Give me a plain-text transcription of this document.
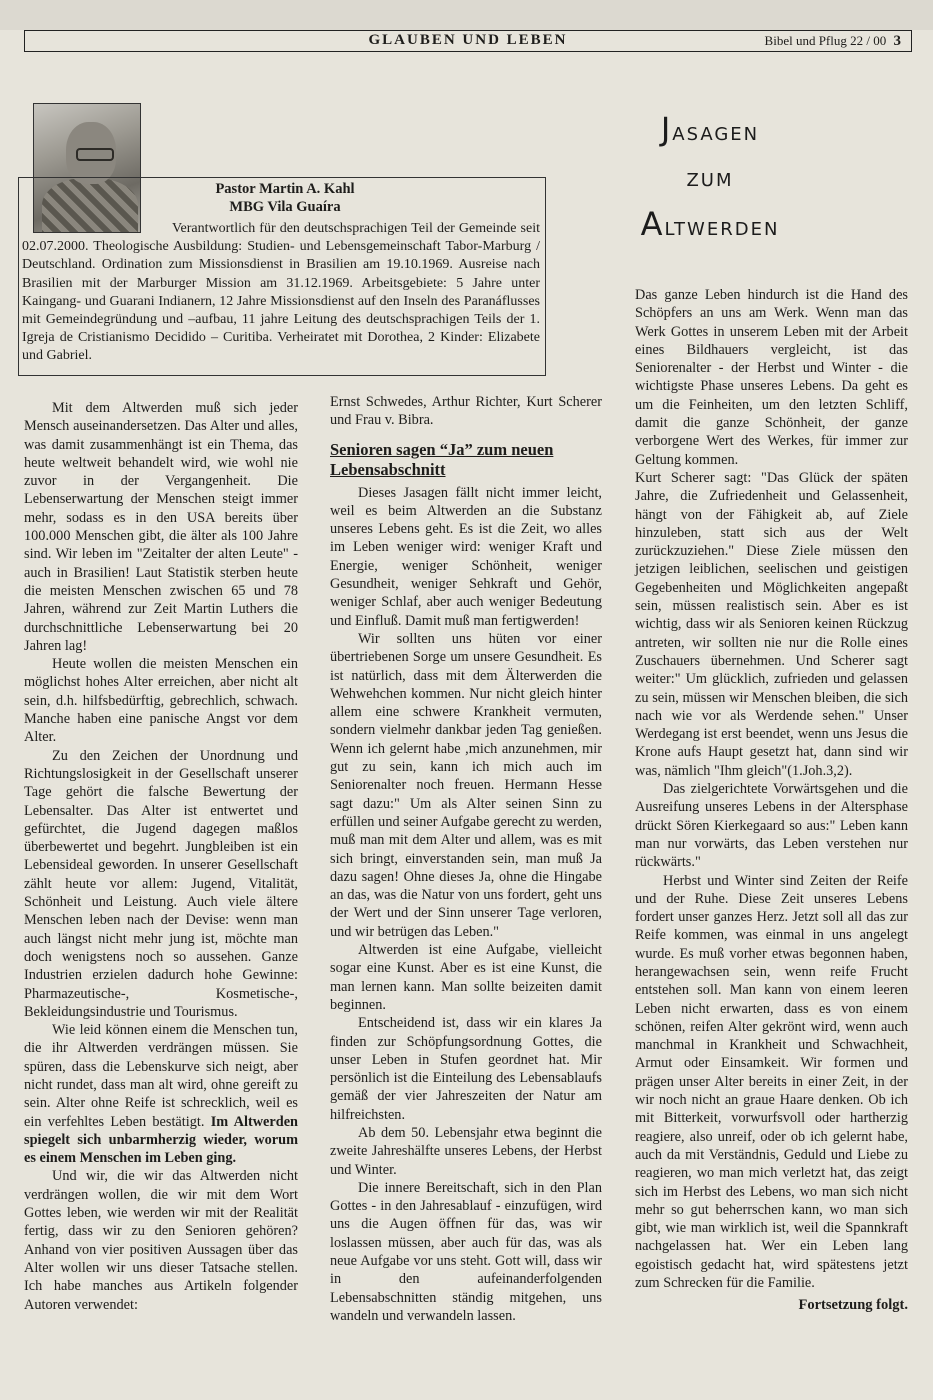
GLAUBEN UND LEBEN	Bibel und Pflug 22 / 00 3
Pastor Martin A. Kahl
MBG Vila Guaíra
Verantwortlich für den deutschsprachigen Teil der Gemeinde seit 02.07.2000. Theologische Ausbildung: Studien- und Lebensgemeinschaft Tabor-Marburg / Deutschland. Ordination zum Missionsdienst in Brasilien am 19.10.1969. Ausreise nach Brasilien mit der Marburger Mission am 31.12.1969. Arbeitsgebiete: 5 Jahre unter Kaingang- und Guarani Indianern, 12 Jahre Missionsdienst auf den Inseln des Paranáflusses mit Gemeindegründung und –aufbau, 11 jahre Leitung des deutschsprachigen Teils der 1. Igreja de Cristianismo Decidido – Curitiba. Verheiratet mit Dorothea, 2 Kinder: Elizabete und Gabriel.
Jasagen
zum
Altwerden

Mit dem Altwerden muß sich jeder Mensch auseinandersetzen. Das Alter und alles, was damit zusammenhängt ist ein Thema, das heute weltweit behandelt wird, wie wohl nie zuvor in der Vergangenheit. Die Lebenserwartung der Menschen steigt immer mehr, sodass es in den USA bereits über 100.000 Menschen gibt, die älter als 100 Jahre sind. Wir leben im "Zeitalter der alten Leute" - auch in Brasilien! Laut Statistik sterben heute die meisten Menschen zwischen 65 und 78 Jahren, während zur Zeit Martin Luthers die durchschnittliche Lebenserwartung bei 20 Jahren lag!

Heute wollen die meisten Menschen ein möglichst hohes Alter erreichen, aber nicht alt sein, d.h. hilfsbedürftig, gebrechlich, schwach. Manche haben eine panische Angst vor dem Alter.

Zu den Zeichen der Unordnung und Richtungslosigkeit in der Gesellschaft unserer Tage gehört die falsche Bewertung der Lebensalter. Das Alter ist entwertet und gefürchtet, die Jugend dagegen maßlos überbewertet und begehrt. Jungbleiben ist ein Lebensideal geworden. In unserer Gesellschaft zählt heute vor allem: Jugend, Vitalität, Schönheit und Leistung. Auch viele ältere Menschen leben nach der Devise: wenn man auch längst nicht mehr jung ist, möchte man doch wenigstens noch so aussehen. Ganze Industrien erzielen dadurch hohe Gewinne: Pharmazeutische-, Kosmetische-, Bekleidungsindustrie und Tourismus.

Wie leid können einem die Menschen tun, die ihr Altwerden verdrängen müssen. Sie spüren, dass die Lebenskurve sich neigt, aber nicht rundet, dass man alt wird, ohne gereift zu sein. Alter ohne Reife ist schrecklich, weil es ein verfehltes Leben bestätigt. Im Altwerden spiegelt sich unbarmherzig wieder, worum es einem Menschen im Leben ging.

Und wir, die wir das Altwerden nicht verdrängen wollen, die wir mit dem Wort Gottes leben, wie werden wir mit der Realität fertig, dass wir zu den Senioren gehören? Anhand von vier positiven Aussagen über das Alter wollen wir uns dieser Tatsache stellen. Ich habe manches aus Artikeln folgender Autoren verwendet:

Ernst Schwedes, Arthur Richter, Kurt Scherer und Frau v. Bibra.

Senioren sagen “Ja” zum neuen Lebensabschnitt

Dieses Jasagen fällt nicht immer leicht, weil es beim Altwerden an die Substanz unseres Lebens geht. Es ist die Zeit, wo alles im Leben weniger wird: weniger Kraft und Energie, weniger Schönheit, weniger Gesundheit, weniger Sehkraft und Gehör, weniger Schlaf, aber auch weniger Bedeutung und Einfluß. Damit muß man fertigwerden!

Wir sollten uns hüten vor einer übertriebenen Sorge um unsere Gesundheit. Es ist natürlich, dass mit dem Älterwerden die Wehwehchen kommen. Nur nicht gleich hinter allem eine schwere Krankheit vermuten, sondern vielmehr dankbar jeden Tag genießen. Wenn ich gelernt habe ,mich anzunehmen, mir gut zu sein, kann ich mich auch im Seniorenalter noch freuen. Hermann Hesse sagt dazu:" Um als Alter seinen Sinn zu erfüllen und seiner Aufgabe gerecht zu werden, muß man mit dem Alter und allem, was es mit sich bringt, einverstanden sein, man muß Ja dazu sagen! Ohne dieses Ja, ohne die Hingabe an das, was die Natur von uns fordert, geht uns der Wert und der Sinn unserer Tage verloren, und wir betrügen das Leben."

Altwerden ist eine Aufgabe, vielleicht sogar eine Kunst. Aber es ist eine Kunst, die man lernen kann. Man sollte beizeiten damit beginnen.

Entscheidend ist, dass wir ein klares Ja finden zur Schöpfungsordnung Gottes, die unser Leben in Stufen geordnet hat. Mir persönlich ist die Einteilung des Lebensablaufs gemäß der vier Jahreszeiten der Natur am hilfreichsten.

Ab dem 50. Lebensjahr etwa beginnt die zweite Jahreshälfte unseres Lebens, der Herbst und Winter.

Die innere Bereitschaft, sich in den Plan Gottes - in den Jahresablauf - einzufügen, wird uns die Augen öffnen für das, was wir loslassen müssen, aber auch für das, was als neue Aufgabe vor uns steht. Gott will, dass wir in den aufeinanderfolgenden Lebensabschnitten ständig mitgehen, uns wandeln und verwandeln lassen.

Das ganze Leben hindurch ist die Hand des Schöpfers an uns am Werk. Wenn man das Werk Gottes in unserem Leben mit der Arbeit eines Bildhauers vergleicht, ist das Seniorenalter - der Herbst und Winter - die wichtigste Phase unseres Lebens. Da geht es um die Feinheiten, um den letzten Schliff, damit die ganze Schönheit, der ganze verborgene Wert des Werkes, für immer zur Geltung kommen.

Kurt Scherer sagt: "Das Glück der späten Jahre, die Zufriedenheit und Gelassenheit, hängt von der Fähigkeit ab, auf Ziele hinzuleben, statt sich aus der Welt zurückzuziehen." Diese Ziele müssen den jetzigen leiblichen, seelischen und geistigen Gegebenheiten und Möglichkeiten angepaßt sein, müssen realistisch sein. Aber es ist wichtig, dass wir als Senioren keinen Rückzug antreten, wir sollten nie nur die Rolle eines Zuschauers übernehmen. Und Scherer sagt weiter:" Um glücklich, zufrieden und gelassen zu sein, müssen wir Menschen bleiben, die sich nach wie vor als Werdende sehen." Unser Werdegang ist erst beendet, wenn uns Jesus die Krone aufs Haupt gesetzt hat, dann sind wir was, nämlich "Ihm gleich"(1.Joh.3,2).

Das zielgerichtete Vorwärtsgehen und die Ausreifung unseres Lebens in der Altersphase drückt Sören Kierkegaard so aus:" Leben kann man nur vorwärts, das Leben verstehen nur rückwärts."

Herbst und Winter sind Zeiten der Reife und der Ruhe. Diese Zeit unseres Lebens fordert unser ganzes Herz. Jetzt soll all das zur Reife kommen, was einmal in uns angelegt wurde. Es muß vorher etwas begonnen haben, herangewachsen sein, wenn reife Frucht entstehen soll. Man kann von einem leeren Leben nicht erwarten, dass es von einem schönen, reifen Alter gekrönt wird, wenn auch manchmal in Krankheit und Schwachheit, Armut oder Einsamkeit. Wir formen und prägen unser Alter bereits in einer Zeit, in der wir noch nicht an graue Haare denken. Ob ich mit Bitterkeit, vorwurfsvoll oder hartherzig reagiere, also unreif, oder ob ich gelernt habe, auch da mit Verständnis, Geduld und Liebe zu reagieren, wo man mich verletzt hat, das zeigt sich im Herbst des Lebens, wo man sich nicht mehr so gut beherrschen kann, wo man sich gibt, wie man wirklich ist, weil die Spannkraft nachgelassen hat. Wer ein Leben lang egoistisch gedacht hat, wird spätestens jetzt zum Schrecken für die Familie.

Fortsetzung folgt.
